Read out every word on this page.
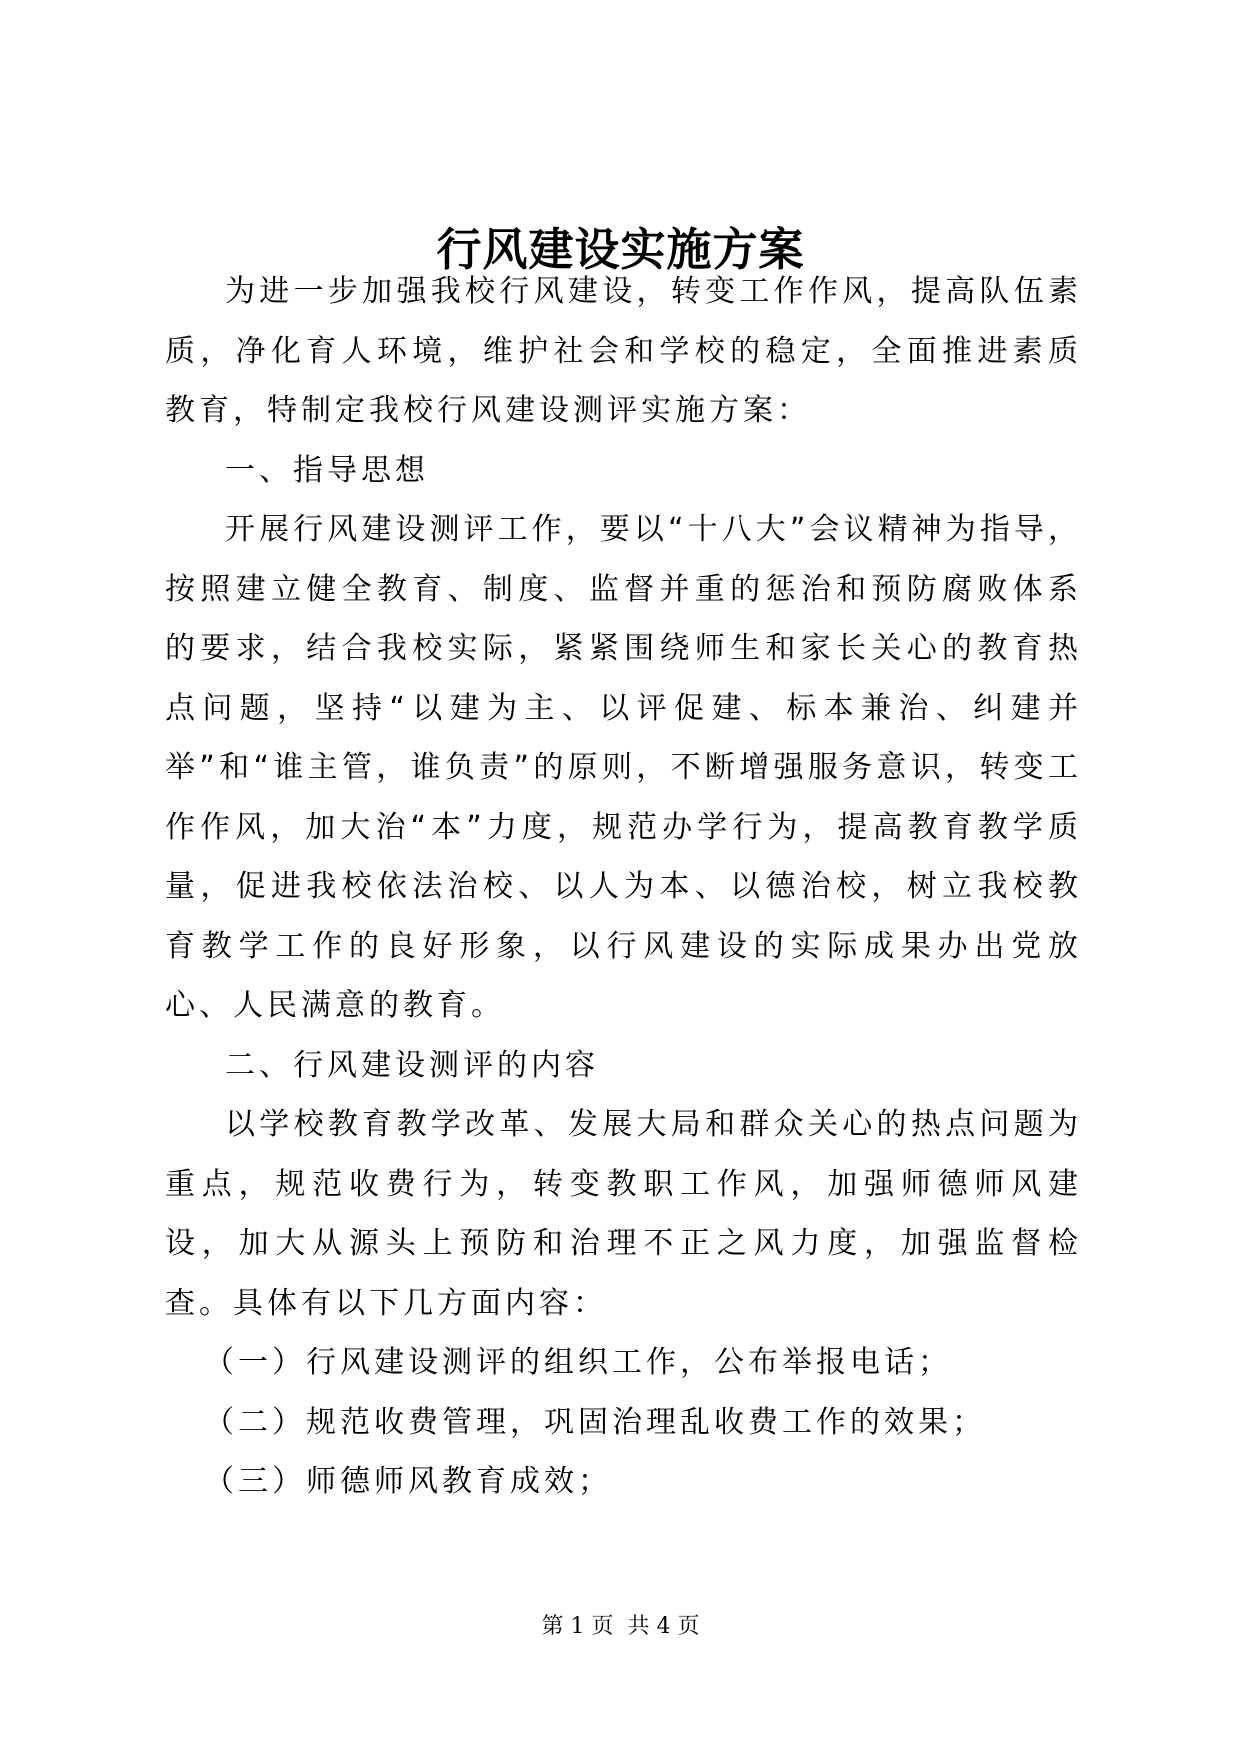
行风建设实施方案

为进一步加强我校行风建设，转变工作作风，提高队伍素质，净化育人环境，维护社会和学校的稳定，全面推进素质教育，特制定我校行风建设测评实施方案：

一、指导思想

开展行风建设测评工作，要以“十八大”会议精神为指导，按照建立健全教育、制度、监督并重的惩治和预防腐败体系的要求，结合我校实际，紧紧围绕师生和家长关心的教育热点问题，坚持“以建为主、以评促建、标本兼治、纠建并举”和“谁主管，谁负责”的原则，不断增强服务意识，转变工作作风，加大治“本”力度，规范办学行为，提高教育教学质量，促进我校依法治校、以人为本、以德治校，树立我校教育教学工作的良好形象，以行风建设的实际成果办出党放心、人民满意的教育。

二、行风建设测评的内容

以学校教育教学改革、发展大局和群众关心的热点问题为重点，规范收费行为，转变教职工作风，加强师德师风建设，加大从源头上预防和治理不正之风力度，加强监督检查。具体有以下几方面内容：

（一）行风建设测评的组织工作，公布举报电话；

（二）规范收费管理，巩固治理乱收费工作的效果；

（三）师德师风教育成效；

第 1 页  共 4 页
